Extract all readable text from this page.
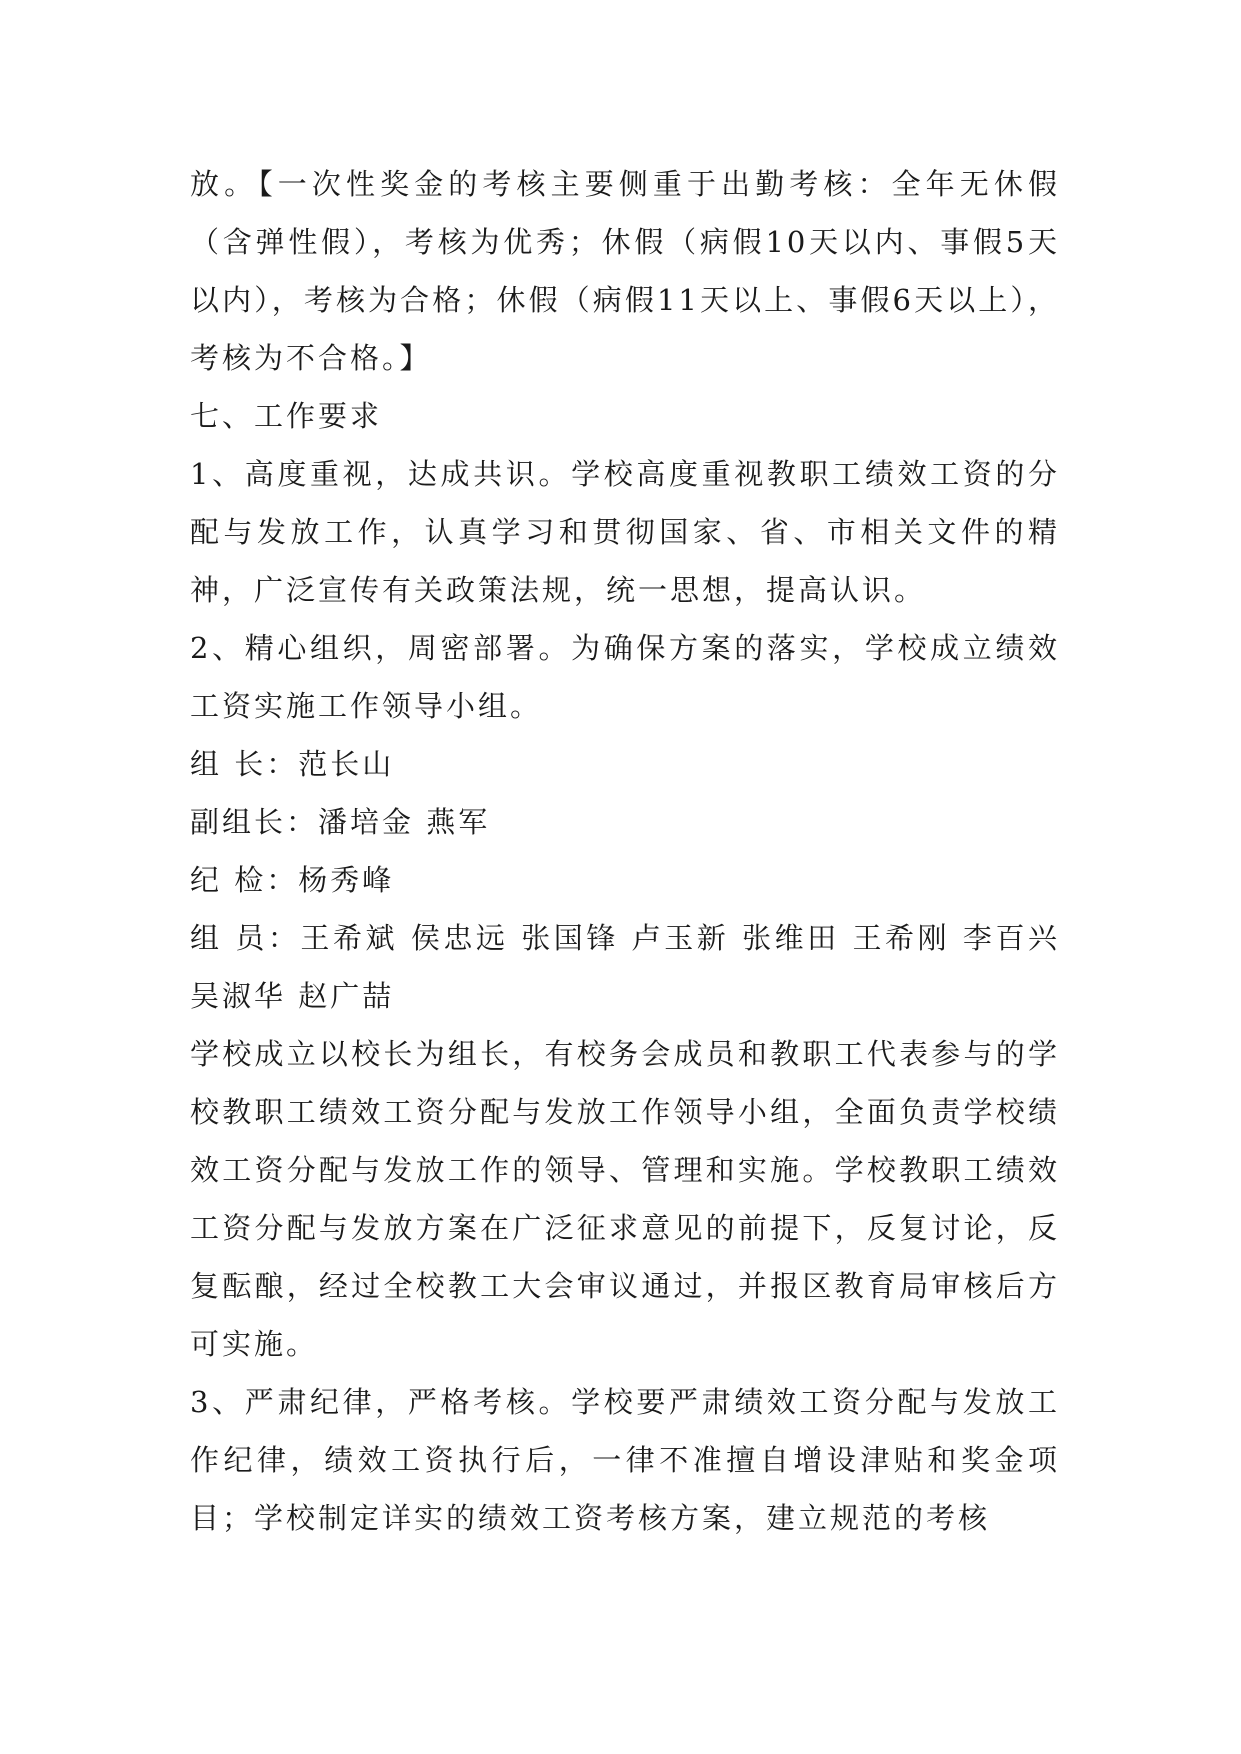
放。【一次性奖金的考核主要侧重于出勤考核：全年无休假（含弹性假），考核为优秀；休假（病假10天以内、事假5天以内），考核为合格；休假（病假11天以上、事假6天以上），考核为不合格。】

七、工作要求

1、高度重视，达成共识。学校高度重视教职工绩效工资的分配与发放工作，认真学习和贯彻国家、省、市相关文件的精神，广泛宣传有关政策法规，统一思想，提高认识。

2、精心组织，周密部署。为确保方案的落实，学校成立绩效工资实施工作领导小组。

组 长：范长山

副组长：潘培金 燕军

纪 检：杨秀峰

组 员：王希斌 侯忠远 张国锋 卢玉新 张维田 王希刚 李百兴 吴淑华 赵广喆

学校成立以校长为组长，有校务会成员和教职工代表参与的学校教职工绩效工资分配与发放工作领导小组，全面负责学校绩效工资分配与发放工作的领导、管理和实施。学校教职工绩效工资分配与发放方案在广泛征求意见的前提下，反复讨论，反复酝酿，经过全校教工大会审议通过，并报区教育局审核后方可实施。

3、严肃纪律，严格考核。学校要严肃绩效工资分配与发放工作纪律，绩效工资执行后，一律不准擅自增设津贴和奖金项目；学校制定详实的绩效工资考核方案，建立规范的考核
